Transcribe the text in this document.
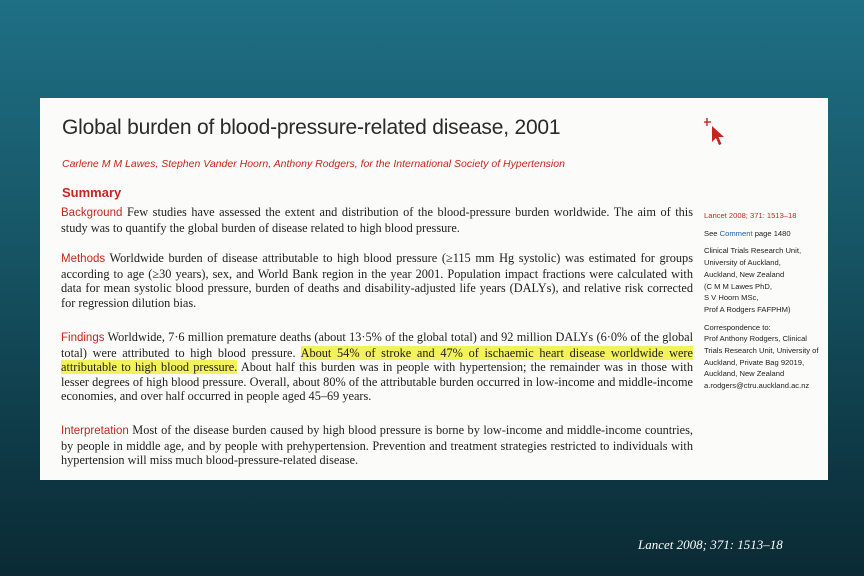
Global burden of blood-pressure-related disease, 2001
Carlene M M Lawes, Stephen Vander Hoorn, Anthony Rodgers, for the International Society of Hypertension
Summary

Background Few studies have assessed the extent and distribution of the blood-pressure burden worldwide. The aim of this study was to quantify the global burden of disease related to high blood pressure.

Methods Worldwide burden of disease attributable to high blood pressure (≥115 mm Hg systolic) was estimated for groups according to age (≥30 years), sex, and World Bank region in the year 2001. Population impact fractions were calculated with data for mean systolic blood pressure, burden of deaths and disability-adjusted life years (DALYs), and relative risk corrected for regression dilution bias.

Findings Worldwide, 7·6 million premature deaths (about 13·5% of the global total) and 92 million DALYs (6·0% of the global total) were attributed to high blood pressure. About 54% of stroke and 47% of ischaemic heart disease worldwide were attributable to high blood pressure. About half this burden was in people with hypertension; the remainder was in those with lesser degrees of high blood pressure. Overall, about 80% of the attributable burden occurred in low-income and middle-income economies, and over half occurred in people aged 45–69 years.

Interpretation Most of the disease burden caused by high blood pressure is borne by low-income and middle-income countries, by people in middle age, and by people with prehypertension. Prevention and treatment strategies restricted to individuals with hypertension will miss much blood-pressure-related disease.

Lancet 2008; 371: 1513–18
See Comment page 1480
Clinical Trials Research Unit,
University of Auckland,
Auckland, New Zealand
(C M M Lawes PhD,
S V Hoorn MSc,
Prof A Rodgers FAFPHM)
Correspondence to:
Prof Anthony Rodgers, Clinical
Trials Research Unit, University of
Auckland, Private Bag 92019,
Auckland, New Zealand
a.rodgers@ctru.auckland.ac.nz
Lancet 2008; 371: 1513–18
